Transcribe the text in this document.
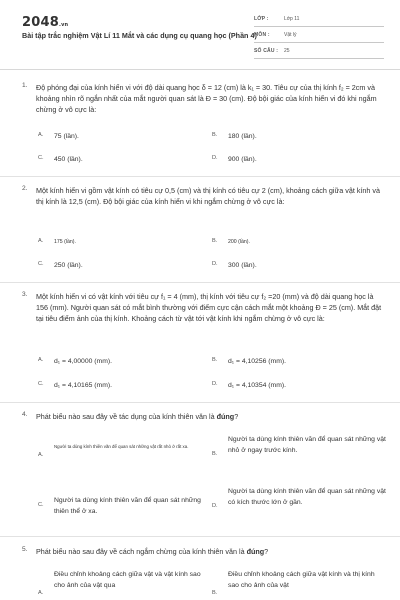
2048.vn
Bài tập trắc nghiệm Vật Lí 11 Mắt và các dụng cụ quang học (Phần 4)
LỚP :	Lớp 11
MÔN :	Vật lý
SỐ CÂU : 25
1. Độ phóng đại của kính hiển vi với độ dài quang học δ = 12 (cm) là k₁ = 30. Tiêu cự của thị kính f₂ = 2cm và khoảng nhìn rõ ngắn nhất của mắt người quan sát là Đ = 30 (cm). Độ bội giác của kính hiển vi đó khi ngắm chừng ở vô cực là:
A. 75 (lần).	B. 180 (lần).
C. 450 (lần).	D. 900 (lần).
2. Một kính hiển vi gồm vật kính có tiêu cự 0,5 (cm) và thị kính có tiêu cự 2 (cm), khoảng cách giữa vật kính và thị kính là 12,5 (cm). Độ bội giác của kính hiển vi khi ngắm chừng ở vô cực là:
A. 175 (lần).	B. 200 (lần).
C. 250 (lần).	D. 300 (lần).
3. Một kính hiển vi có vật kính với tiêu cự f₁ = 4 (mm), thị kính với tiêu cự f₂ =20 (mm) và độ dài quang học là 156 (mm). Người quan sát có mắt bình thường với điểm cực cận cách mắt một khoảng Đ = 25 (cm). Mắt đặt tại tiêu điểm ảnh của thị kính. Khoảng cách từ vật tới vật kính khi ngắm chừng ở vô cực là:
A. d₁ = 4,00000 (mm).	B. d₁ = 4,10256 (mm).
C. d₁ = 4,10165 (mm).	D. d₁ = 4,10354 (mm).
4. Phát biểu nào sau đây về tác dụng của kính thiên văn là đúng?
A.
Người ta dùng kính thiên văn để quan sát những vật rất nhỏ ở rất xa.
B.
Người ta dùng kính thiên văn để quan sát những vật nhỏ ở ngay trước kính.
C.
Người ta dùng kính thiên văn để quan sát những thiên thể ở xa.
D.
Người ta dùng kính thiên văn để quan sát những vật có kích thước lớn ở gần.
5. Phát biểu nào sau đây về cách ngắm chừng của kính thiên văn là đúng?
A.
Điều chỉnh khoảng cách giữa vật và vật kính sao cho ảnh của vật qua
B.
Điều chỉnh khoảng cách giữa vật kính và thị kính sao cho ảnh của vật
